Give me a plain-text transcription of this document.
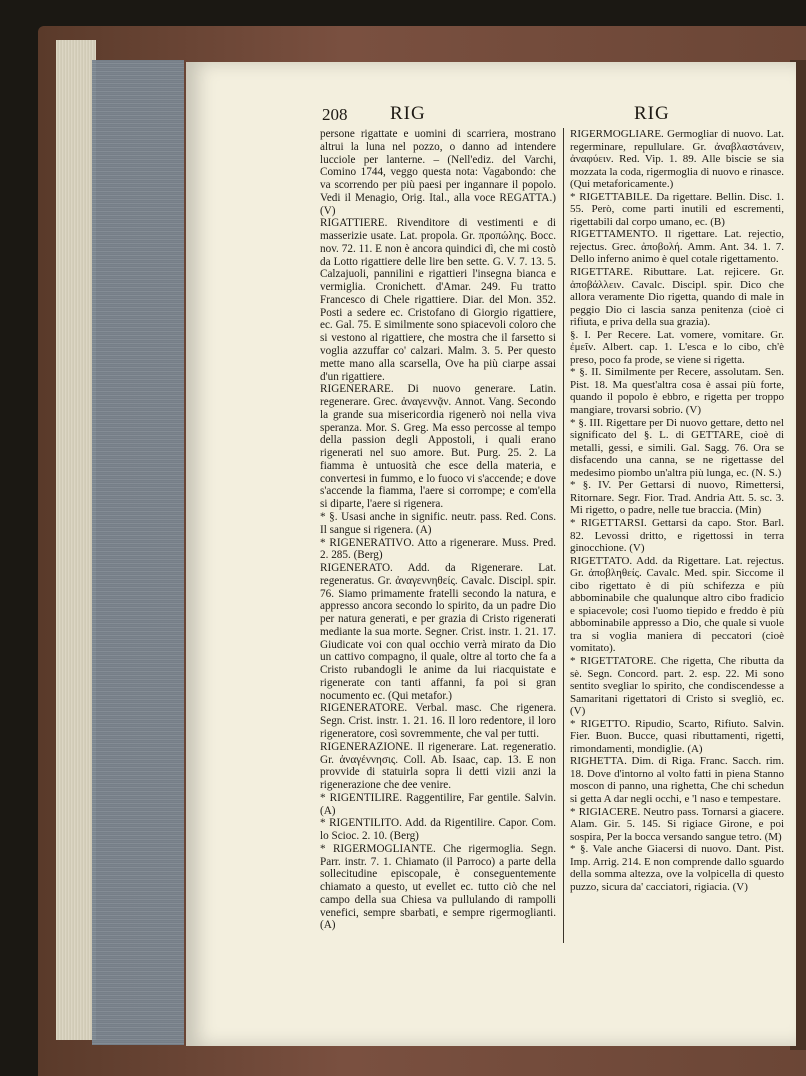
208 RIG	RIG

persone rigattate e uomini di scarriera, mostrano altrui la luna nel pozzo, o danno ad intendere lucciole per lanterne. – (Nell'ediz. del Varchi, Comino 1744, veggo questa nota: Vagabondo: che va scorrendo per più paesi per ingannare il popolo. Vedi il Menagio, Orig. Ital., alla voce REGATTA.) (V)

RIGATTIERE. Rivenditore di vestimenti e di masserizie usate. Lat. propola. Gr. προπώλης. Bocc. nov. 72. 11. E non è ancora quindici dì, che mi costò da Lotto rigattiere delle lire ben sette. G. V. 7. 13. 5. Calzajuoli, pannilini e rigattieri l'insegna bianca e vermiglia. Cronichett. d'Amar. 249. Fu tratto Francesco di Chele rigattiere. Diar. del Mon. 352. Posti a sedere ec. Cristofano di Giorgio rigattiere, ec. Gal. 75. E similmente sono spiacevoli coloro che si vestono al rigattiere, che mostra che il farsetto si voglia azzuffar co' calzari. Malm. 3. 5. Per questo mette mano alla scarsella, Ove ha più ciarpe assai d'un rigattiere.

RIGENERARE. Di nuovo generare. Latin. regenerare. Grec. ἀναγεννᾷν. Annot. Vang. Secondo la grande sua misericordia rigenerò noi nella viva speranza. Mor. S. Greg. Ma esso percosse al tempo della passion degli Appostoli, i quali erano rigenerati nel suo amore. But. Purg. 25. 2. La fiamma è untuosità che esce della materia, e convertesi in fummo, e lo fuoco vi s'accende; e dove s'accende la fiamma, l'aere si corrompe; e com'ella si diparte, l'aere si rigenera.

* §. Usasi anche in signific. neutr. pass. Red. Cons. Il sangue si rigenera. (A)

* RIGENERATIVO. Atto a rigenerare. Muss. Pred. 2. 285. (Berg)

RIGENERATO. Add. da Rigenerare. Lat. regeneratus. Gr. ἀναγεννηθείς. Cavalc. Discipl. spir. 76. Siamo primamente fratelli secondo la natura, e appresso ancora secondo lo spirito, da un padre Dio per natura generati, e per grazia di Cristo rigenerati mediante la sua morte. Segner. Crist. instr. 1. 21. 17. Giudicate voi con qual occhio verrà mirato da Dio un cattivo compagno, il quale, oltre al torto che fa a Cristo rubandogli le anime da lui riacquistate e rigenerate con tanti affanni, fa poi si gran nocumento ec. (Qui metafor.)

RIGENERATORE. Verbal. masc. Che rigenera. Segn. Crist. instr. 1. 21. 16. Il loro redentore, il loro rigeneratore, così sovremmente, che val per tutti.

RIGENERAZIONE. Il rigenerare. Lat. regeneratio. Gr. ἀναγέννησις. Coll. Ab. Isaac, cap. 13. E non provvide di statuirla sopra li detti vizii anzi la rigenerazione che dee venire.

* RIGENTILIRE. Raggentilire, Far gentile. Salvin. (A)

* RIGENTILITO. Add. da Rigentilire. Capor. Com. lo Scioc. 2. 10. (Berg)

* RIGERMOGLIANTE. Che rigermoglia. Segn. Parr. instr. 7. 1. Chiamato (il Parroco) a parte della sollecitudine episcopale, è conseguentemente chiamato a questo, ut evellet ec. tutto ciò che nel campo della sua Chiesa va pullulando di rampolli venefici, sempre sbarbati, e sempre rigermoglianti. (A)

RIGERMOGLIARE. Germogliar di nuovo. Lat. regerminare, repullulare. Gr. ἀναβλαστάνειν, ἀναφύειν. Red. Vip. 1. 89. Alle biscie se sia mozzata la coda, rigermoglia di nuovo e rinasce. (Qui metaforicamente.)

* RIGETTABILE. Da rigettare. Bellin. Disc. 1. 55. Però, come parti inutili ed escrementi, rigettabili dal corpo umano, ec. (B)

RIGETTAMENTO. Il rigettare. Lat. rejectio, rejectus. Grec. ἀποβολή. Amm. Ant. 34. 1. 7. Dello inferno animo è quel cotale rigettamento.

RIGETTARE. Ributtare. Lat. rejicere. Gr. ἀποβάλλειν. Cavalc. Discipl. spir. Dico che allora veramente Dio rigetta, quando di male in peggio Dio ci lascia sanza penitenza (cioè ci rifiuta, e priva della sua grazia).

§. I. Per Recere. Lat. vomere, vomitare. Gr. ἐμεῖν. Albert. cap. 1. L'esca e lo cibo, ch'è preso, poco fa prode, se viene si rigetta.

* §. II. Similmente per Recere, assolutam. Sen. Pist. 18. Ma quest'altra cosa è assai più forte, quando il popolo è ebbro, e rigetta per troppo mangiare, trovarsi sobrio. (V)

* §. III. Rigettare per Di nuovo gettare, detto nel significato del §. L. di GETTARE, cioè di metalli, gessi, e simili. Gal. Sagg. 76. Ora se disfacendo una canna, se ne rigettasse del medesimo piombo un'altra più lunga, ec. (N. S.)

* §. IV. Per Gettarsi di nuovo, Rimettersi, Ritornare. Segr. Fior. Trad. Andria Att. 5. sc. 3. Mi rigetto, o padre, nelle tue braccia. (Min)

* RIGETTARSI. Gettarsi da capo. Stor. Barl. 82. Levossi dritto, e rigettossi in terra ginocchione. (V)

RIGETTATO. Add. da Rigettare. Lat. rejectus. Gr. ἀποβληθείς. Cavalc. Med. spir. Siccome il cibo rigettato è di più schifezza e più abbominabile che qualunque altro cibo fradicio e spiacevole; così l'uomo tiepido e freddo è più abbominabile appresso a Dio, che quale si vuole tra si voglia maniera di peccatori (cioè vomitato).

* RIGETTATORE. Che rigetta, Che ributta da sè. Segn. Concord. part. 2. esp. 22. Mi sono sentito svegliar lo spirito, che condiscendesse a Samaritani rigettatori di Cristo si svegliò, ec. (V)

* RIGETTO. Ripudio, Scarto, Rifiuto. Salvin. Fier. Buon. Bucce, quasi ributtamenti, rigetti, rimondamenti, mondiglie. (A)

RIGHETTA. Dim. di Riga. Franc. Sacch. rim. 18. Dove d'intorno al volto fatti in piena Stanno moscon di panno, una righetta, Che chi schedun si getta A dar negli occhi, e 'l naso e tempestare.

* RIGIACERE. Neutro pass. Tornarsi a giacere. Alam. Gir. 5. 145. Si rigiace Girone, e poi sospira, Per la bocca versando sangue tetro. (M)

* §. Vale anche Giacersi di nuovo. Dant. Pist. Imp. Arrig. 214. E non comprende dallo sguardo della somma altezza, ove la volpicella di questo puzzo, sicura da' cacciatori, rigiacia. (V)
